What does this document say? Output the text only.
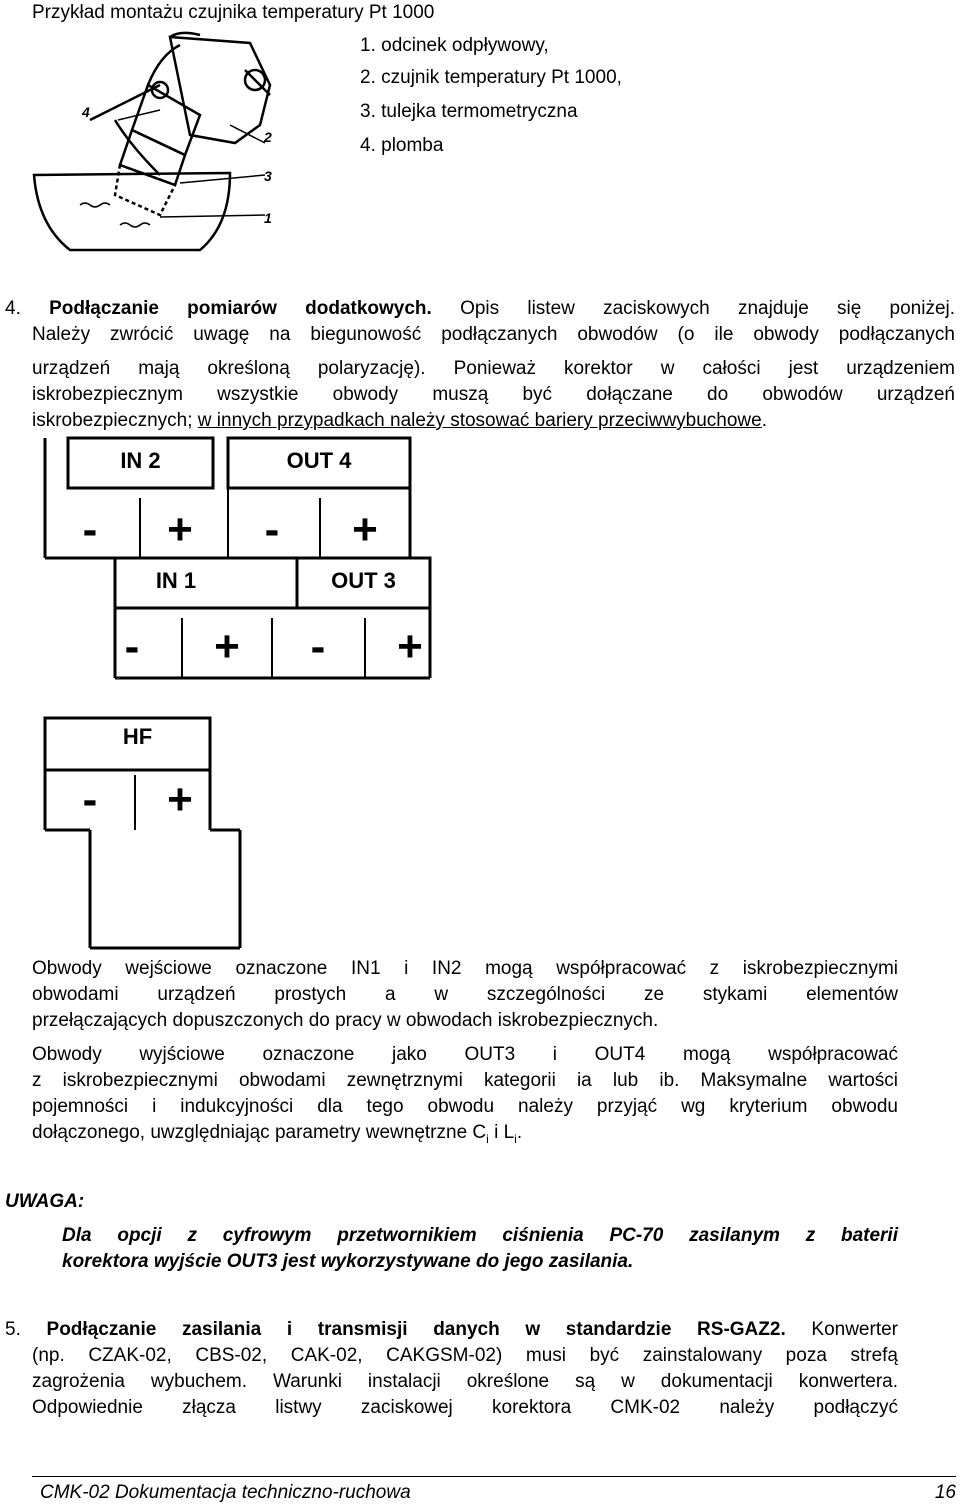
Przykład montażu czujnika temperatury Pt 1000
1. odcinek odpływowy,
2. czujnik temperatury Pt 1000,
3. tulejka termometryczna
4. plomba
4
2
3
1
4. Podłączanie pomiarów dodatkowych. Opis listew zaciskowych znajduje się poniżej.
Należy zwrócić uwagę na biegunowość podłączanych obwodów (o ile obwody podłączanych
urządzeń mają określoną polaryzację). Ponieważ korektor w całości jest urządzeniem
iskrobezpiecznym wszystkie obwody muszą być dołączane do obwodów urządzeń
iskrobezpiecznych; w innych przypadkach należy stosować bariery przeciwwybuchowe.
IN 2	OUT 4
IN 1	OUT 3
HF
- + - +
- + - +
- +
Obwody wejściowe oznaczone IN1 i IN2 mogą współpracować z iskrobezpiecznymi
obwodami urządzeń prostych a w szczególności ze stykami elementów
przełączających dopuszczonych do pracy w obwodach iskrobezpiecznych.
Obwody wyjściowe oznaczone jako OUT3 i OUT4 mogą współpracować
z iskrobezpiecznymi obwodami zewnętrznymi kategorii ia lub ib. Maksymalne wartości
pojemności i indukcyjności dla tego obwodu należy przyjąć wg kryterium obwodu
dołączonego, uwzględniając parametry wewnętrzne $C_i$ i $L_i$.
UWAGA:
Dla opcji z cyfrowym przetwornikiem ciśnienia PC-70 zasilanym z baterii
korektora wyjście OUT3 jest wykorzystywane do jego zasilania.
5. Podłączanie zasilania i transmisji danych w standardzie RS-GAZ2. Konwerter
(np. CZAK-02, CBS-02, CAK-02, CAKGSM-02) musi być zainstalowany poza strefą
zagrożenia wybuchem. Warunki instalacji określone są w dokumentacji konwertera.
Odpowiednie złącza listwy zaciskowej korektora CMK-02 należy podłączyć
CMK-02 Dokumentacja techniczno-ruchowa	16
